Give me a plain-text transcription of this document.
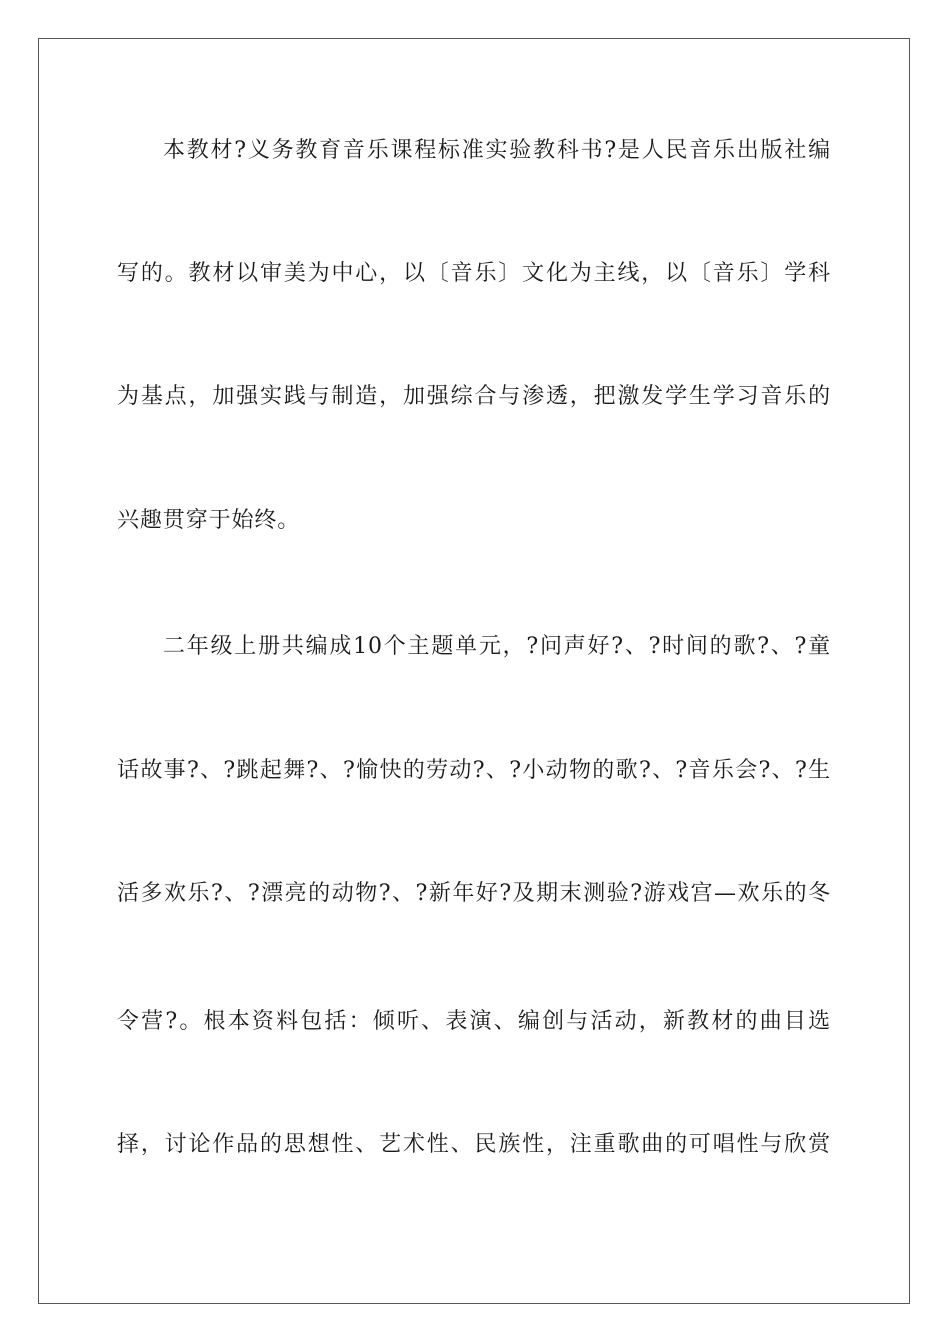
本教材?义务教育音乐课程标准实验教科书?是人民音乐出版社编
写的。教材以审美为中心，以〔音乐〕文化为主线，以〔音乐〕学科
为基点，加强实践与制造，加强综合与渗透，把激发学生学习音乐的
兴趣贯穿于始终。
二年级上册共编成10个主题单元，?问声好?、?时间的歌?、?童
话故事?、?跳起舞?、?愉快的劳动?、?小动物的歌?、?音乐会?、?生
活多欢乐?、?漂亮的动物?、?新年好?及期末测验?游戏宫—欢乐的冬
令营?。根本资料包括：倾听、表演、编创与活动，新教材的曲目选
择，讨论作品的思想性、艺术性、民族性，注重歌曲的可唱性与欣赏
